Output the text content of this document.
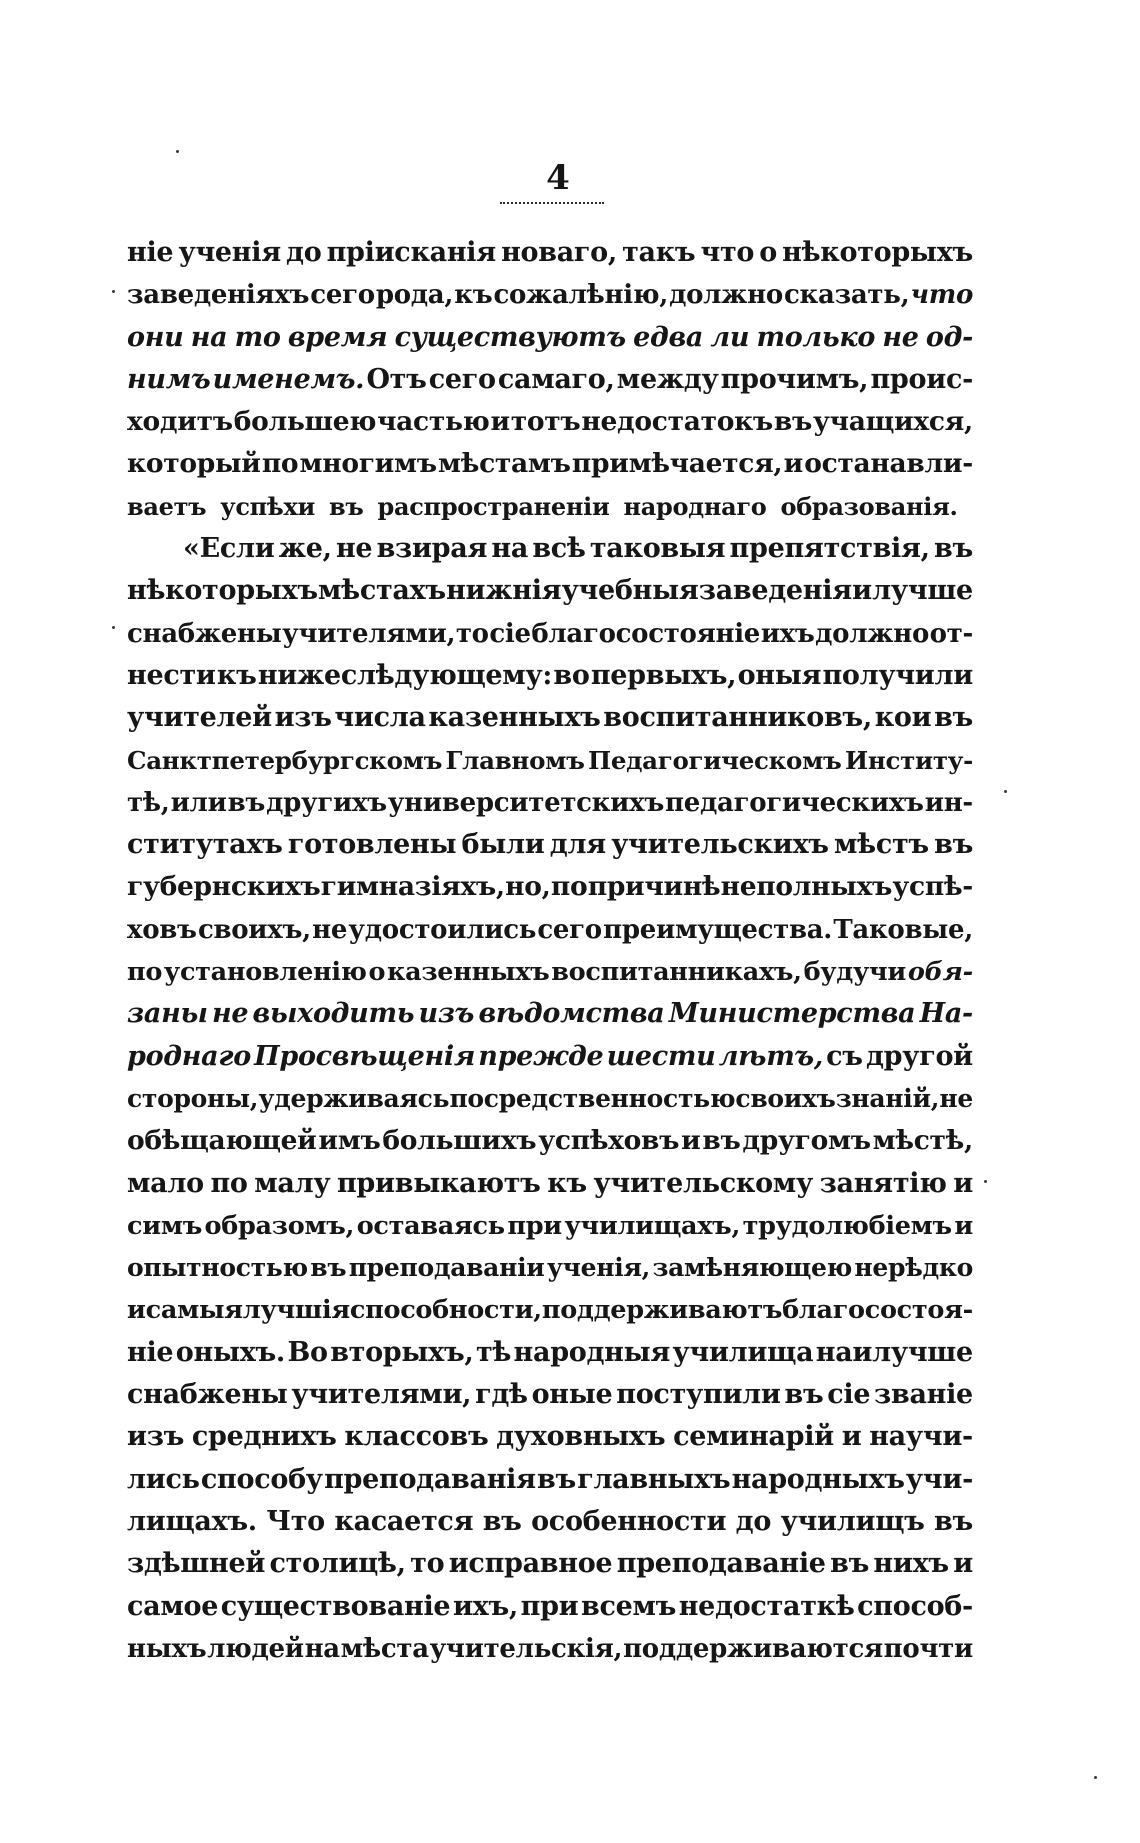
4
ніе ученія до пріисканія новаго, такъ что о нѣкоторыхъ
заведеніяхъ сего рода, къ сожалѣнію, должно сказать, что
они на то время существуютъ едва ли только не од-
нимъ именемъ. Отъ сего самаго, между прочимъ, проис-
ходитъ большею частью и тотъ недостатокъ въ учащихся,
который по многимъ мѣстамъ примѣчается, и останавли-
ваетъ успѣхи въ распространеніи народнаго образованія.
«Если же, не взирая на всѣ таковыя препятствія, въ
нѣкоторыхъ мѣстахъ нижнія учебныя заведенія и лучше
снабжены учителями, то сіе благосостояніе ихъ должно от-
нести къ нижеслѣдующему: во первыхъ, оныя получили
учителей изъ числа казенныхъ воспитанниковъ, кои въ
Санктпетербургскомъ Главномъ Педагогическомъ Институ-
тѣ, или въ другихъ университетскихъ педагогическихъ ин-
ститутахъ готовлены были для учительскихъ мѣстъ въ
губернскихъ гимназіяхъ, но, по причинѣ неполныхъ успѣ-
ховъ своихъ, не удостоились сего преимущества. Таковые,
по установленію о казенныхъ воспитанникахъ, будучи обя-
заны не выходить изъ вѣдомства Министерства На-
роднаго Просвѣщенія прежде шести лѣтъ, съ другой
стороны, удерживаясь посредственностью своихъ знаній, не
обѣщающей имъ большихъ успѣховъ и въ другомъ мѣстѣ,
мало по малу привыкаютъ къ учительскому занятію и
симъ образомъ, оставаясь при училищахъ, трудолюбіемъ и
опытностью въ преподаваніи ученія, замѣняющею нерѣдко
и самыя лучшія способности, поддерживаютъ благосостоя-
ніе оныхъ. Во вторыхъ, тѣ народныя училища наилучше
снабжены учителями, гдѣ оные поступили въ сіе званіе
изъ среднихъ классовъ духовныхъ семинарій и научи-
лись способу преподаванія въ главныхъ народныхъ учи-
лищахъ. Что касается въ особенности до училищъ въ
здѣшней столицѣ, то исправное преподаваніе въ нихъ и
самое существованіе ихъ, при всемъ недостаткѣ способ-
ныхъ людей на мѣста учительскія, поддерживаются почти
